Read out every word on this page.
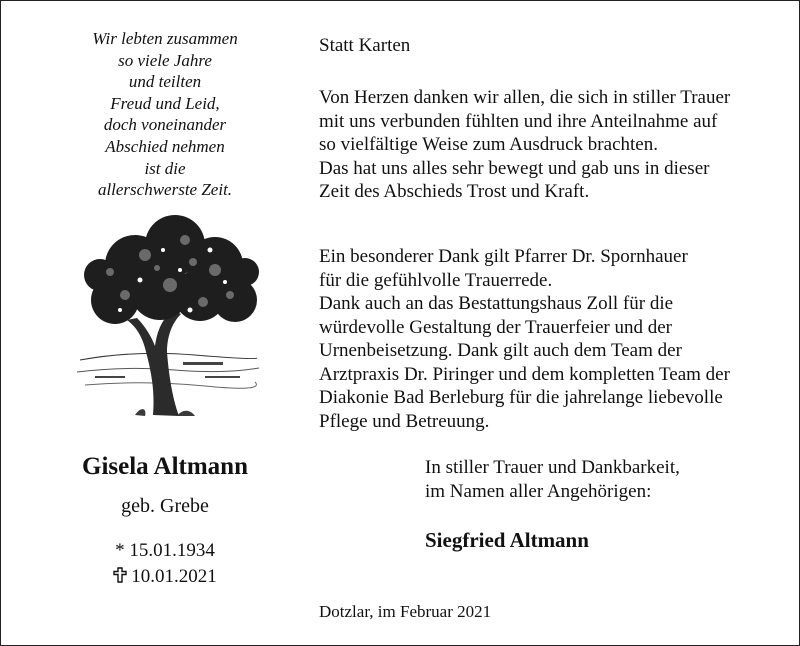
Wir lebten zusammen
so viele Jahre
und teilten
Freud und Leid,
doch voneinander
Abschied nehmen
ist die
allerschwerste Zeit.
Gisela Altmann
geb. Grebe
* 15.01.1934
10.01.2021
Statt Karten
Von Herzen danken wir allen, die sich in stiller Trauer
mit uns verbunden fühlten und ihre Anteilnahme auf
so vielfältige Weise zum Ausdruck brachten.
Das hat uns alles sehr bewegt und gab uns in dieser
Zeit des Abschieds Trost und Kraft.
Ein besonderer Dank gilt Pfarrer Dr. Spornhauer
für die gefühlvolle Trauerrede.
Dank auch an das Bestattungshaus Zoll für die
würdevolle Gestaltung der Trauerfeier und der
Urnenbeisetzung. Dank gilt auch dem Team der
Arztpraxis Dr. Piringer und dem kompletten Team der
Diakonie Bad Berleburg für die jahrelange liebevolle
Pflege und Betreuung.
In stiller Trauer und Dankbarkeit,
im Namen aller Angehörigen:
Siegfried Altmann
Dotzlar, im Februar 2021
